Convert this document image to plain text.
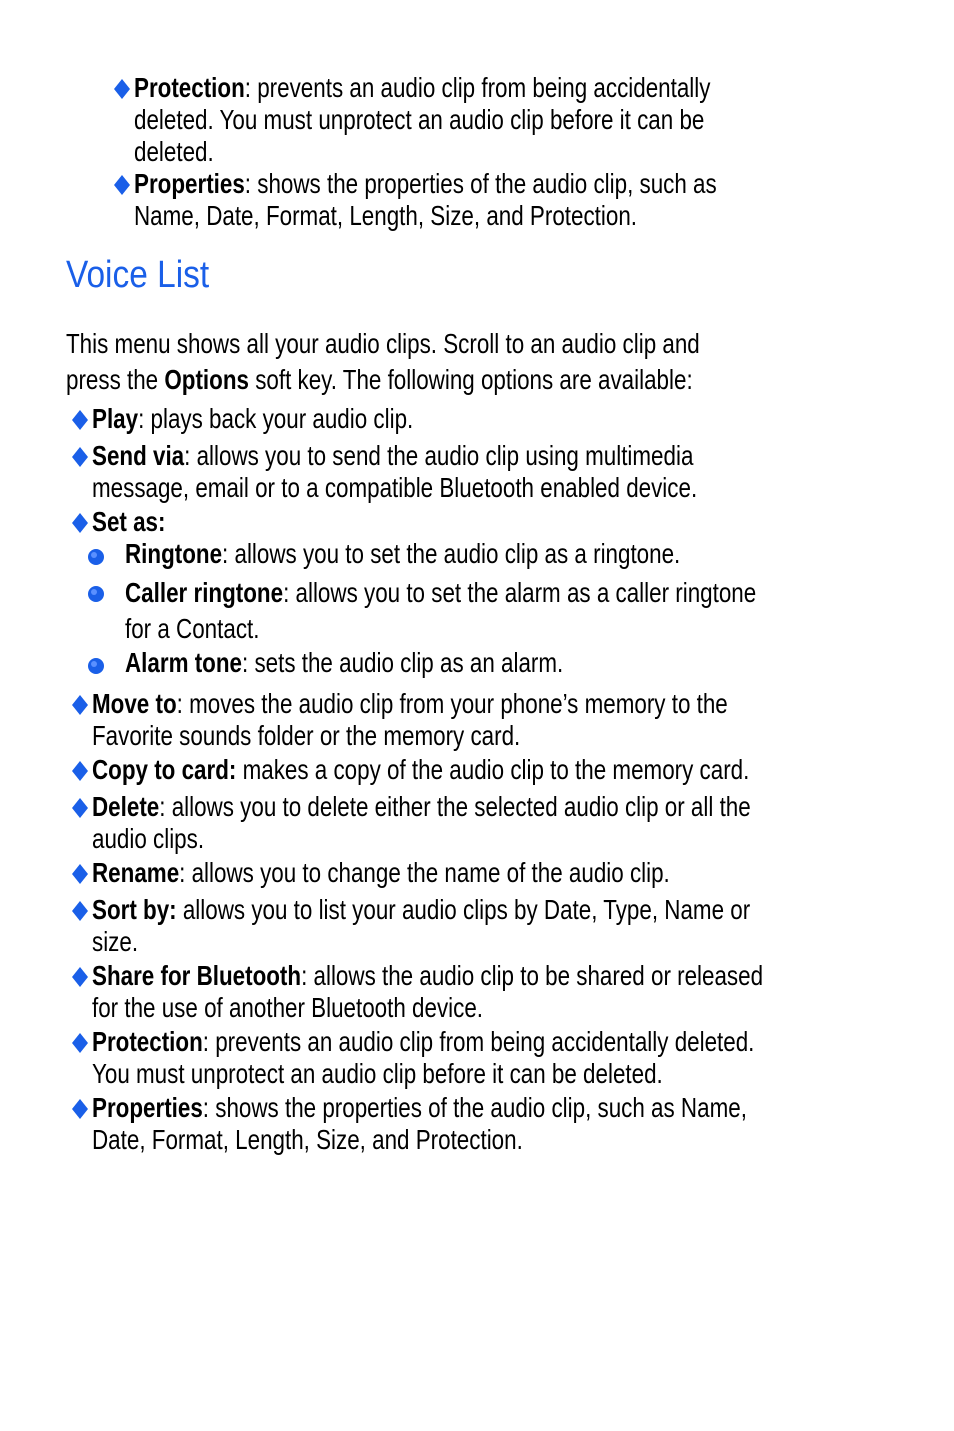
Protection: prevents an audio clip from being accidentally
deleted. You must unprotect an audio clip before it can be
deleted.
Properties: shows the properties of the audio clip, such as
Name, Date, Format, Length, Size, and Protection.
Voice List
This menu shows all your audio clips. Scroll to an audio clip and
press the Options soft key. The following options are available:
Play: plays back your audio clip.
Send via: allows you to send the audio clip using multimedia
message, email or to a compatible Bluetooth enabled device.
Set as:
Ringtone: allows you to set the audio clip as a ringtone.
Caller ringtone: allows you to set the alarm as a caller ringtone
for a Contact.
Alarm tone: sets the audio clip as an alarm.
Move to: moves the audio clip from your phone’s memory to the
Favorite sounds folder or the memory card.
Copy to card: makes a copy of the audio clip to the memory card.
Delete: allows you to delete either the selected audio clip or all the
audio clips.
Rename: allows you to change the name of the audio clip.
Sort by: allows you to list your audio clips by Date, Type, Name or
size.
Share for Bluetooth: allows the audio clip to be shared or released
for the use of another Bluetooth device.
Protection: prevents an audio clip from being accidentally deleted.
You must unprotect an audio clip before it can be deleted.
Properties: shows the properties of the audio clip, such as Name,
Date, Format, Length, Size, and Protection.
